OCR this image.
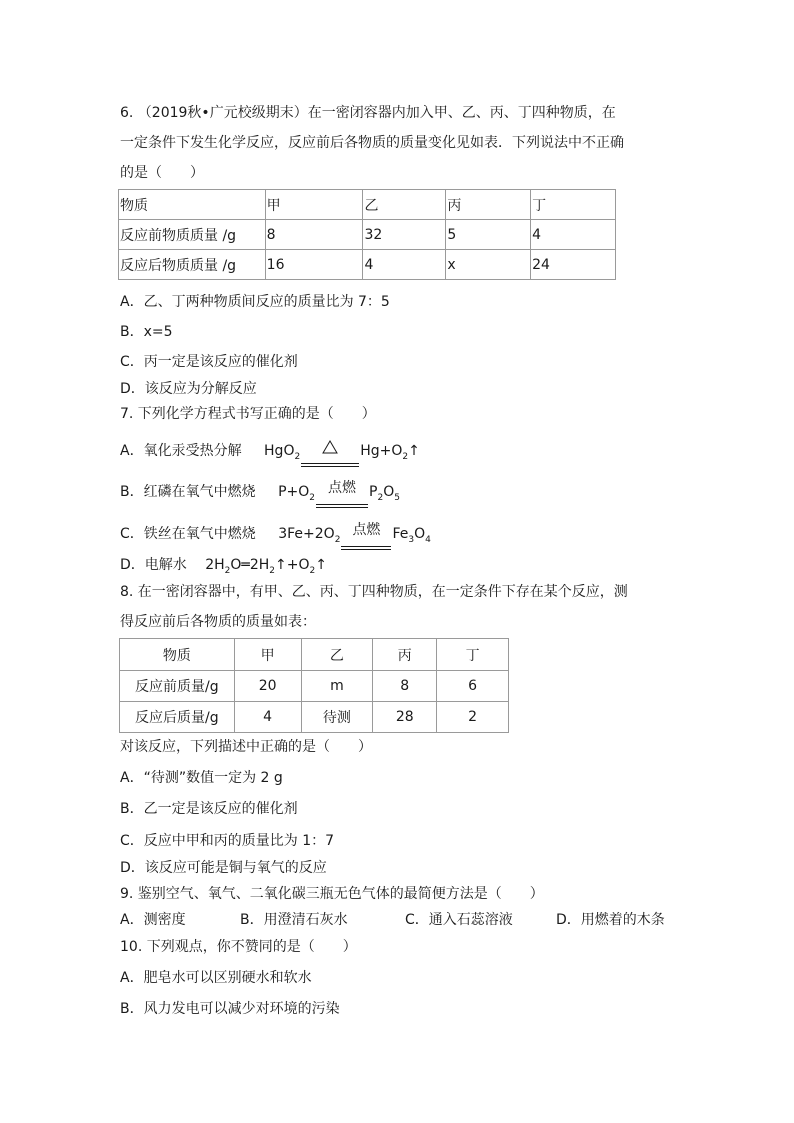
6. （2019秋•广元校级期末）在一密闭容器内加入甲、乙、丙、丁四种物质，在
一定条件下发生化学反应，反应前后各物质的质量变化见如表．下列说法中不正确
的是（　　）
物质	甲	乙	丙	丁
反应前物质质量 /g	8	32	5	4
反应后物质质量 /g	16	4	x	24
A．乙、丁两种物质间反应的质量比为 7：5
B．x=5
C．丙一定是该反应的催化剂
D．该反应为分解反应
7. 下列化学方程式书写正确的是（　　）
A．氧化汞受热分解 HgO$_2$	$Hg+O_2↑$
B．红磷在氧气中燃烧 $P+O_2$
点燃 $P_2O_5$
C．铁丝在氧气中燃烧 $3Fe+2O_2$
点燃 $Fe_3O_4$
D．电解水 $2H_2O═2H_2↑+O_2↑$
8. 在一密闭容器中，有甲、乙、丙、丁四种物质，在一定条件下存在某个反应，测
得反应前后各物质的质量如表：
物质	甲	乙	丙	丁
反应前质量/g	20	m	8	6
反应后质量/g	4	待测	28	2
对该反应，下列描述中正确的是（　　）
A．“待测”数值一定为 2 g
B．乙一定是该反应的催化剂
C．反应中甲和丙的质量比为 1：7
D．该反应可能是铜与氧气的反应
9. 鉴别空气、氧气、二氧化碳三瓶无色气体的最简便方法是（　　）
A．测密度	B．用澄清石灰水	C．通入石蕊溶液	D．用燃着的木条
10. 下列观点，你不赞同的是（　　）
A．肥皂水可以区别硬水和软水
B．风力发电可以减少对环境的污染
